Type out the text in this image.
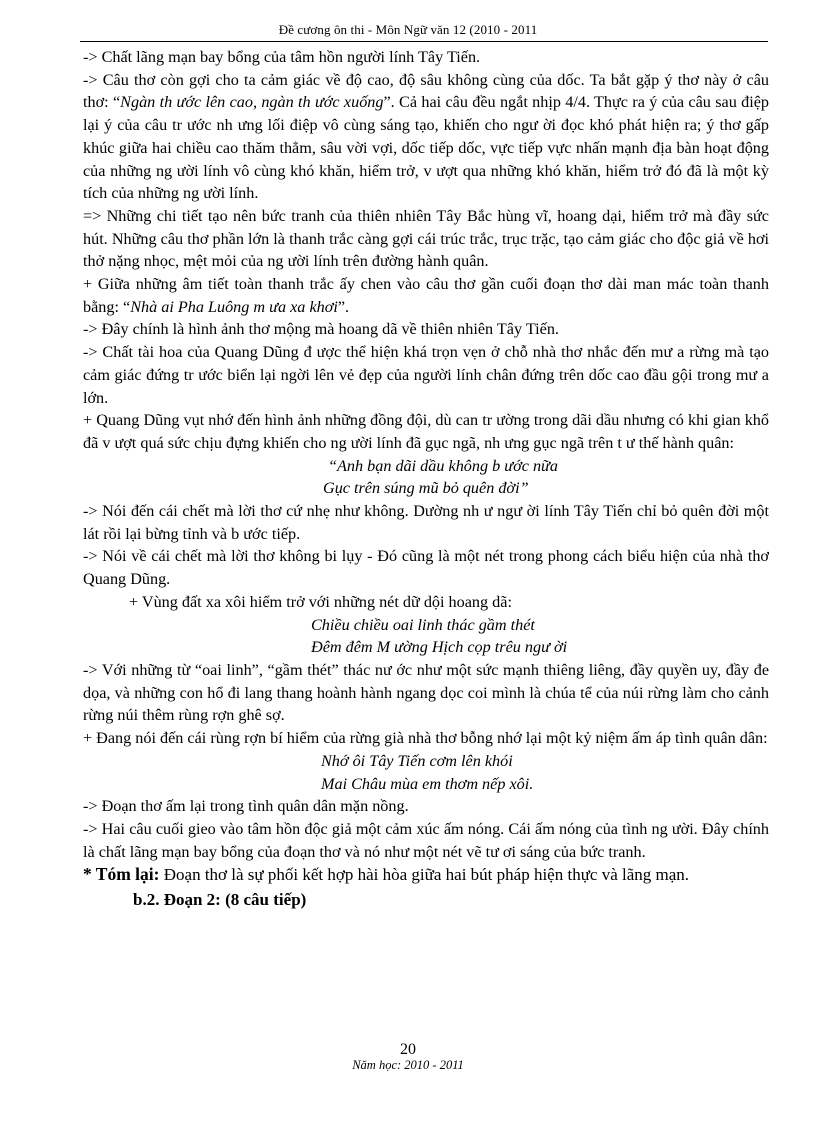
Đề cương ôn thi - Môn Ngữ văn 12 (2010 - 2011

-> Chất lãng mạn bay bổng của tâm hồn người lính Tây Tiến.

-> Câu thơ còn gợi cho ta cảm giác về độ cao, độ sâu không cùng của dốc. Ta bắt gặp ý thơ này ở câu thơ: “Ngàn th ước lên cao, ngàn th ước xuống”. Cả hai câu đều ngắt nhịp 4/4. Thực ra ý của câu sau điệp lại ý của câu tr ước nh ưng lối điệp vô cùng sáng tạo, khiến cho ngư ời đọc khó phát hiện ra; ý thơ gấp khúc giữa hai chiều cao thăm thẳm, sâu vời vợi, dốc tiếp dốc, vực tiếp vực nhấn mạnh địa bàn hoạt động của những ng ười lính vô cùng khó khăn, hiểm trở, v ượt qua những khó khăn, hiểm trở đó đã là một kỳ tích của những ng ười lính.

=> Những chi tiết tạo nên bức tranh của thiên nhiên Tây Bắc hùng vĩ, hoang dại, hiểm trở mà đầy sức hút. Những câu thơ phần lớn là thanh trắc càng gợi cái trúc trắc, trục trặc, tạo cảm giác cho độc giả về hơi thở nặng nhọc, mệt mỏi của ng ười lính trên đường hành quân.

+ Giữa những âm tiết toàn thanh trắc ấy chen vào câu thơ gần cuối đoạn thơ dài man mác toàn thanh bằng: “Nhà ai Pha Luông m ưa xa khơi”.

-> Đây chính là hình ảnh thơ mộng mà hoang dã về thiên nhiên Tây Tiến.

-> Chất tài hoa của Quang Dũng đ ược thể hiện khá trọn vẹn ở chỗ nhà thơ nhắc đến mư a rừng mà tạo cảm giác đứng tr ước biển lại ngời lên vẻ đẹp của người lính chân đứng trên dốc cao đầu gội trong mư a lớn.

+ Quang Dũng vụt nhớ đến hình ảnh những đồng đội, dù can tr ường trong dãi dầu nhưng có khi gian khổ đã v ượt quá sức chịu đựng khiến cho ng ười lính đã gục ngã, nh ưng gục ngã trên t ư thế hành quân:

“Anh bạn dãi dầu không b ước nữa

Gục trên súng mũ bỏ quên đời”

-> Nói đến cái chết mà lời thơ cứ nhẹ như không. Dường nh ư ngư ời lính Tây Tiến chỉ bỏ quên đời một lát rồi lại bừng tỉnh và b ước tiếp.

-> Nói về cái chết mà lời thơ không bi lụy - Đó cũng là một nét trong phong cách biểu hiện của nhà thơ Quang Dũng.

+ Vùng đất xa xôi hiểm trở với những nét dữ dội hoang dã:

Chiều chiều oai linh thác gầm thét

Đêm đêm M ường Hịch cọp trêu ngư ời

-> Với những từ “oai linh”, “gầm thét” thác nư ớc như một sức mạnh thiêng liêng, đầy quyền uy, đầy đe dọa, và những con hổ đi lang thang hoành hành ngang dọc coi mình là chúa tể của núi rừng làm cho cảnh rừng núi thêm rùng rợn ghê sợ.

+ Đang nói đến cái rùng rợn bí hiểm của rừng già nhà thơ bỗng nhớ lại một kỷ niệm ấm áp tình quân dân:

Nhớ ôi Tây Tiến cơm lên khói

Mai Châu mùa em thơm nếp xôi.

-> Đoạn thơ ấm lại trong tình quân dân mặn nồng.

-> Hai câu cuối gieo vào tâm hồn độc giả một cảm xúc ấm nóng. Cái ấm nóng của tình ng ười. Đây chính là chất lãng mạn bay bổng của đoạn thơ và nó như một nét vẽ tư ơi sáng của bức tranh.

* Tóm lại: Đoạn thơ là sự phối kết hợp hài hòa giữa hai bút pháp hiện thực và lãng mạn.

b.2. Đoạn 2: (8 câu tiếp)

20
Năm học: 2010 - 2011
